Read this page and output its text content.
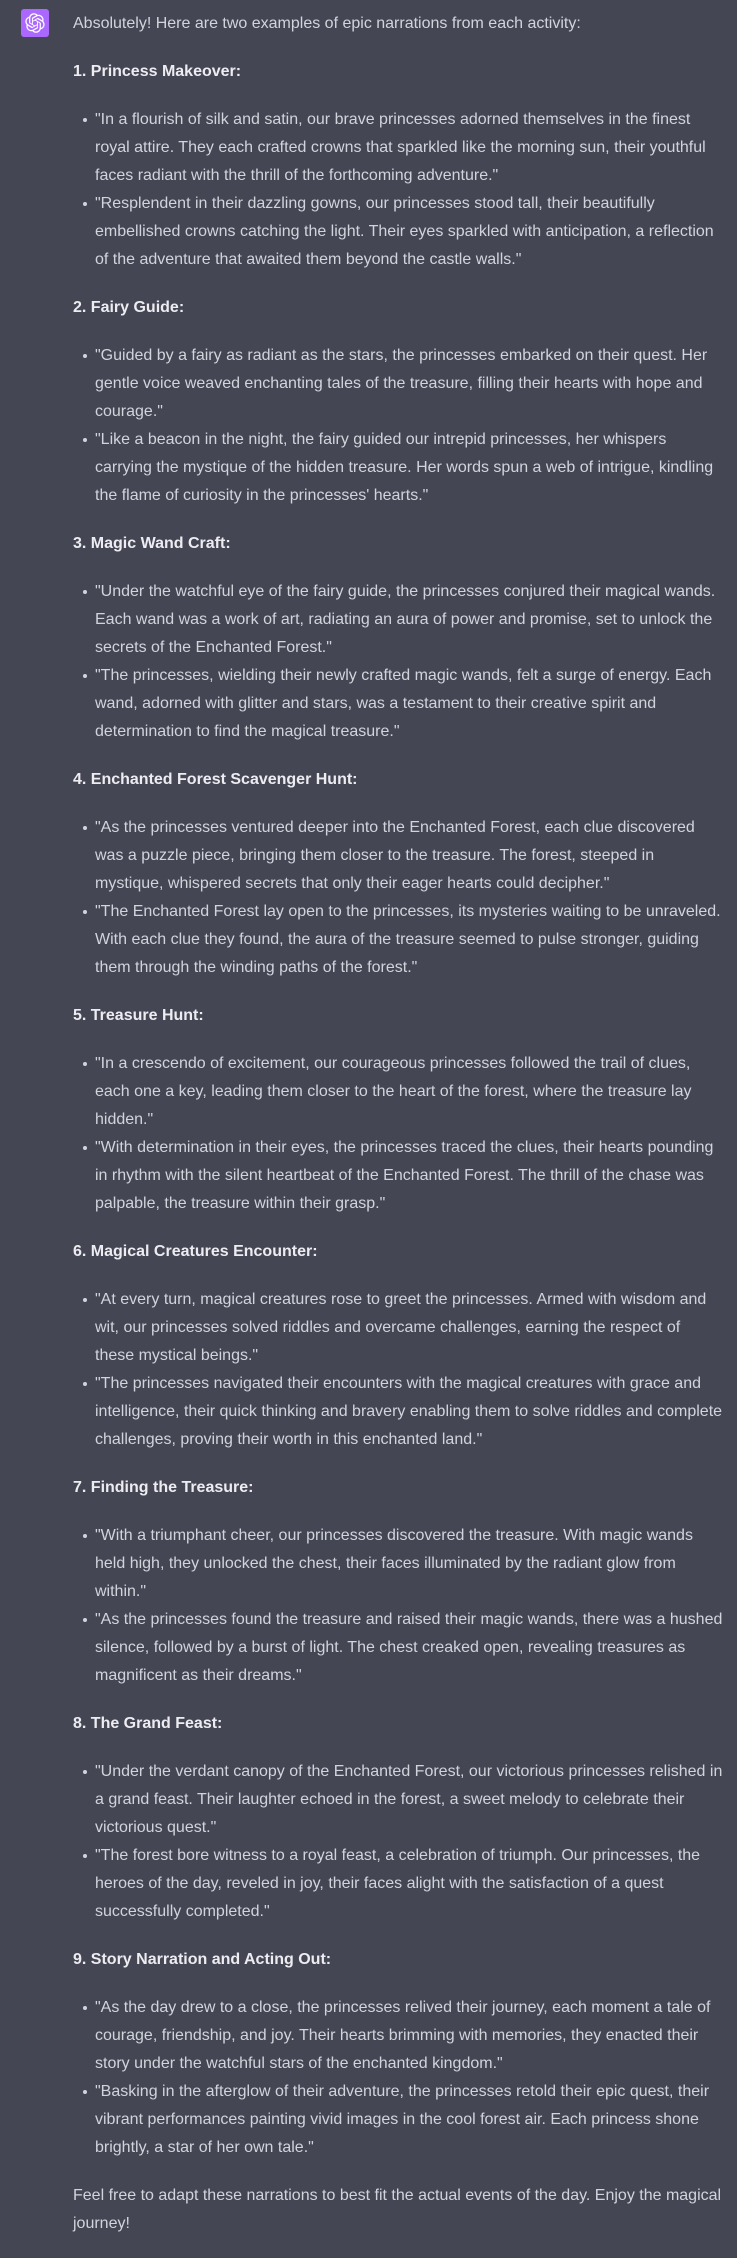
Absolutely! Here are two examples of epic narrations from each activity:

1. Princess Makeover:

"In a flourish of silk and satin, our brave princesses adorned themselves in the finest royal attire. They each crafted crowns that sparkled like the morning sun, their youthful faces radiant with the thrill of the forthcoming adventure."
"Resplendent in their dazzling gowns, our princesses stood tall, their beautifully embellished crowns catching the light. Their eyes sparkled with anticipation, a reflection of the adventure that awaited them beyond the castle walls."

2. Fairy Guide:

"Guided by a fairy as radiant as the stars, the princesses embarked on their quest. Her gentle voice weaved enchanting tales of the treasure, filling their hearts with hope and courage."
"Like a beacon in the night, the fairy guided our intrepid princesses, her whispers carrying the mystique of the hidden treasure. Her words spun a web of intrigue, kindling the flame of curiosity in the princesses' hearts."

3. Magic Wand Craft:

"Under the watchful eye of the fairy guide, the princesses conjured their magical wands. Each wand was a work of art, radiating an aura of power and promise, set to unlock the secrets of the Enchanted Forest."
"The princesses, wielding their newly crafted magic wands, felt a surge of energy. Each wand, adorned with glitter and stars, was a testament to their creative spirit and determination to find the magical treasure."

4. Enchanted Forest Scavenger Hunt:

"As the princesses ventured deeper into the Enchanted Forest, each clue discovered was a puzzle piece, bringing them closer to the treasure. The forest, steeped in mystique, whispered secrets that only their eager hearts could decipher."
"The Enchanted Forest lay open to the princesses, its mysteries waiting to be unraveled. With each clue they found, the aura of the treasure seemed to pulse stronger, guiding them through the winding paths of the forest."

5. Treasure Hunt:

"In a crescendo of excitement, our courageous princesses followed the trail of clues, each one a key, leading them closer to the heart of the forest, where the treasure lay hidden."
"With determination in their eyes, the princesses traced the clues, their hearts pounding in rhythm with the silent heartbeat of the Enchanted Forest. The thrill of the chase was palpable, the treasure within their grasp."

6. Magical Creatures Encounter:

"At every turn, magical creatures rose to greet the princesses. Armed with wisdom and wit, our princesses solved riddles and overcame challenges, earning the respect of these mystical beings."
"The princesses navigated their encounters with the magical creatures with grace and intelligence, their quick thinking and bravery enabling them to solve riddles and complete challenges, proving their worth in this enchanted land."

7. Finding the Treasure:

"With a triumphant cheer, our princesses discovered the treasure. With magic wands held high, they unlocked the chest, their faces illuminated by the radiant glow from within."
"As the princesses found the treasure and raised their magic wands, there was a hushed silence, followed by a burst of light. The chest creaked open, revealing treasures as magnificent as their dreams."

8. The Grand Feast:

"Under the verdant canopy of the Enchanted Forest, our victorious princesses relished in a grand feast. Their laughter echoed in the forest, a sweet melody to celebrate their victorious quest."
"The forest bore witness to a royal feast, a celebration of triumph. Our princesses, the heroes of the day, reveled in joy, their faces alight with the satisfaction of a quest successfully completed."

9. Story Narration and Acting Out:

"As the day drew to a close, the princesses relived their journey, each moment a tale of courage, friendship, and joy. Their hearts brimming with memories, they enacted their story under the watchful stars of the enchanted kingdom."
"Basking in the afterglow of their adventure, the princesses retold their epic quest, their vibrant performances painting vivid images in the cool forest air. Each princess shone brightly, a star of her own tale."

Feel free to adapt these narrations to best fit the actual events of the day. Enjoy the magical journey!
